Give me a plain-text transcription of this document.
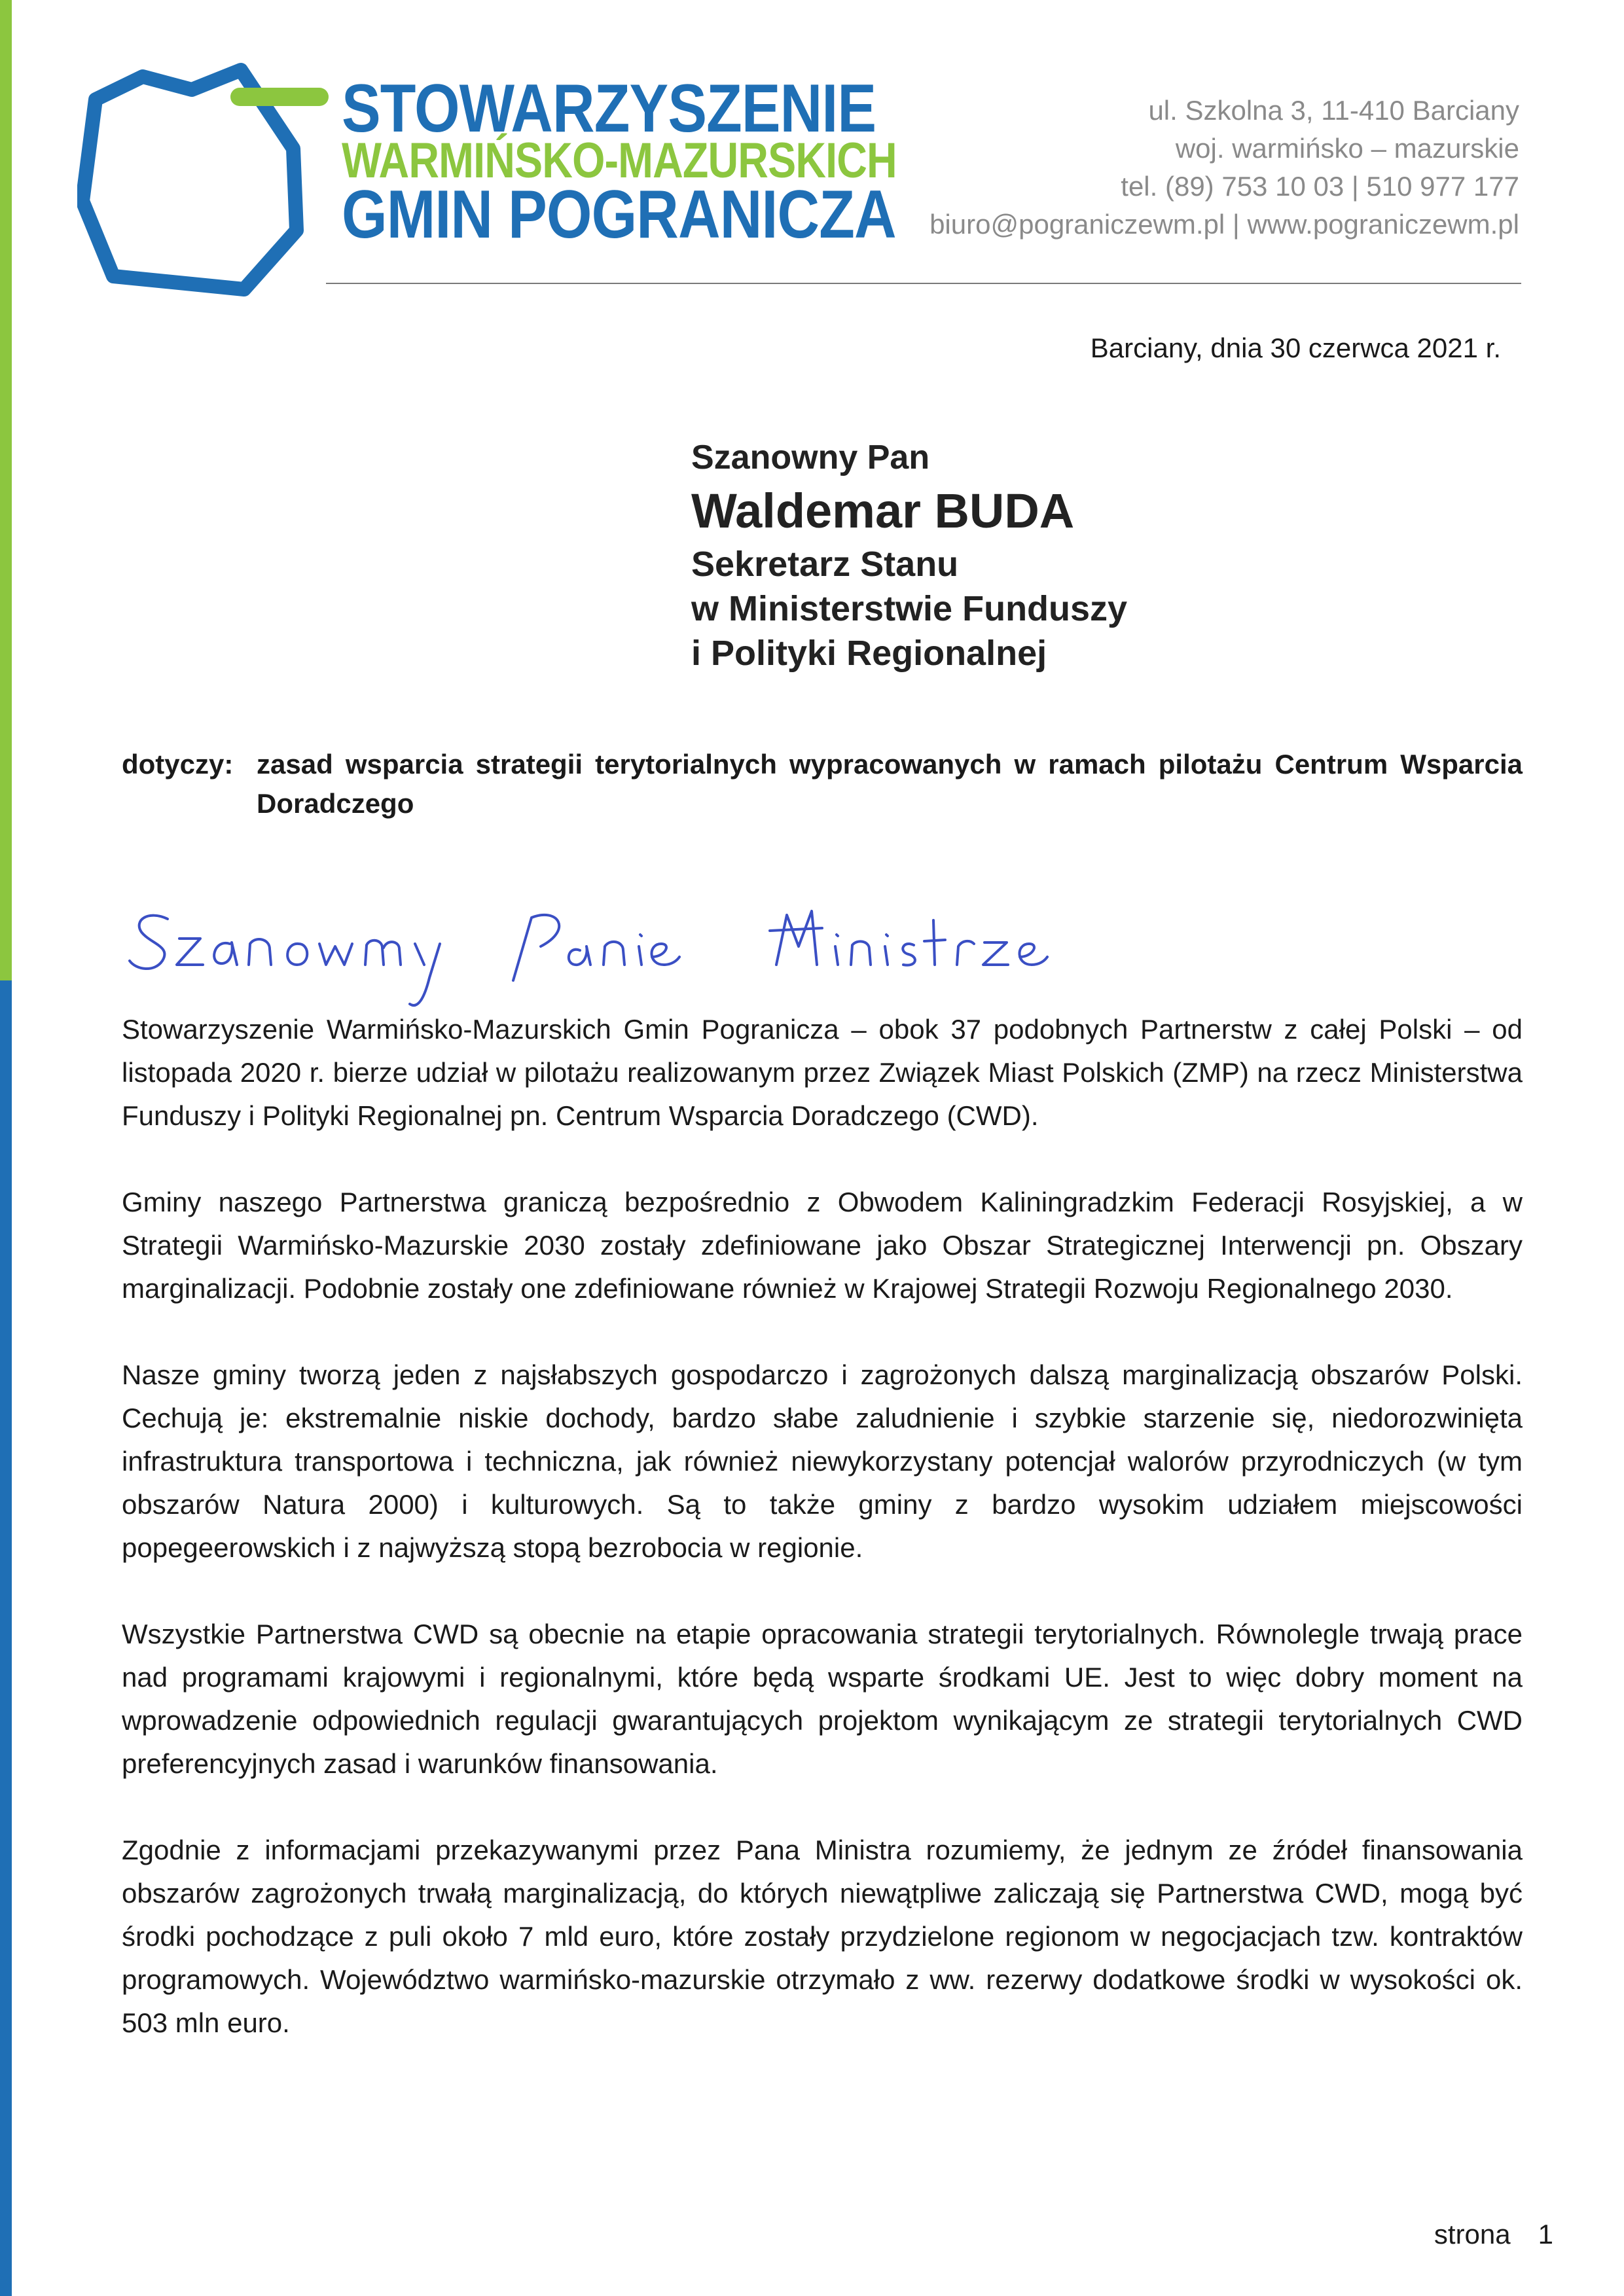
STOWARZYSZENIE
WARMIŃSKO-MAZURSKICH
GMIN POGRANICZA
ul. Szkolna 3, 11-410 Barciany
woj. warmińsko – mazurskie
tel. (89) 753 10 03 | 510 977 177
biuro@pograniczewm.pl | www.pograniczewm.pl
Barciany, dnia 30 czerwca 2021 r.
Szanowny Pan
Waldemar BUDA
Sekretarz Stanu
w Ministerstwie Funduszy
i Polityki Regionalnej
dotyczy: zasad wsparcia strategii terytorialnych wypracowanych w ramach pilotażu Centrum Wsparcia Doradczego

Stowarzyszenie Warmińsko-Mazurskich Gmin Pogranicza – obok 37 podobnych Partnerstw z całej Polski – od listopada 2020 r. bierze udział w pilotażu realizowanym przez Związek Miast Polskich (ZMP) na rzecz Ministerstwa Funduszy i Polityki Regionalnej pn. Centrum Wsparcia Doradczego (CWD).

Gminy naszego Partnerstwa graniczą bezpośrednio z Obwodem Kaliningradzkim Federacji Rosyjskiej, a w Strategii Warmińsko-Mazurskie 2030 zostały zdefiniowane jako Obszar Strategicznej Interwencji pn. Obszary marginalizacji. Podobnie zostały one zdefiniowane również w Krajowej Strategii Rozwoju Regionalnego 2030.

Nasze gminy tworzą jeden z najsłabszych gospodarczo i zagrożonych dalszą marginalizacją obszarów Polski. Cechują je: ekstremalnie niskie dochody, bardzo słabe zaludnienie i szybkie starzenie się, niedorozwinięta infrastruktura transportowa i techniczna, jak również niewykorzystany potencjał walorów przyrodniczych (w tym obszarów Natura 2000) i kulturowych. Są to także gminy z bardzo wysokim udziałem miejscowości popegeerowskich i z najwyższą stopą bezrobocia w regionie.

Wszystkie Partnerstwa CWD są obecnie na etapie opracowania strategii terytorialnych. Równolegle trwają prace nad programami krajowymi i regionalnymi, które będą wsparte środkami UE. Jest to więc dobry moment na wprowadzenie odpowiednich regulacji gwarantujących projektom wynikającym ze strategii terytorialnych CWD preferencyjnych zasad i warunków finansowania.

Zgodnie z informacjami przekazywanymi przez Pana Ministra rozumiemy, że jednym ze źródeł finansowania obszarów zagrożonych trwałą marginalizacją, do których niewątpliwe zaliczają się Partnerstwa CWD, mogą być środki pochodzące z puli około 7 mld euro, które zostały przydzielone regionom w negocjacjach tzw. kontraktów programowych. Województwo warmińsko-mazurskie otrzymało z ww. rezerwy dodatkowe środki w wysokości ok. 503 mln euro.

strona 1
